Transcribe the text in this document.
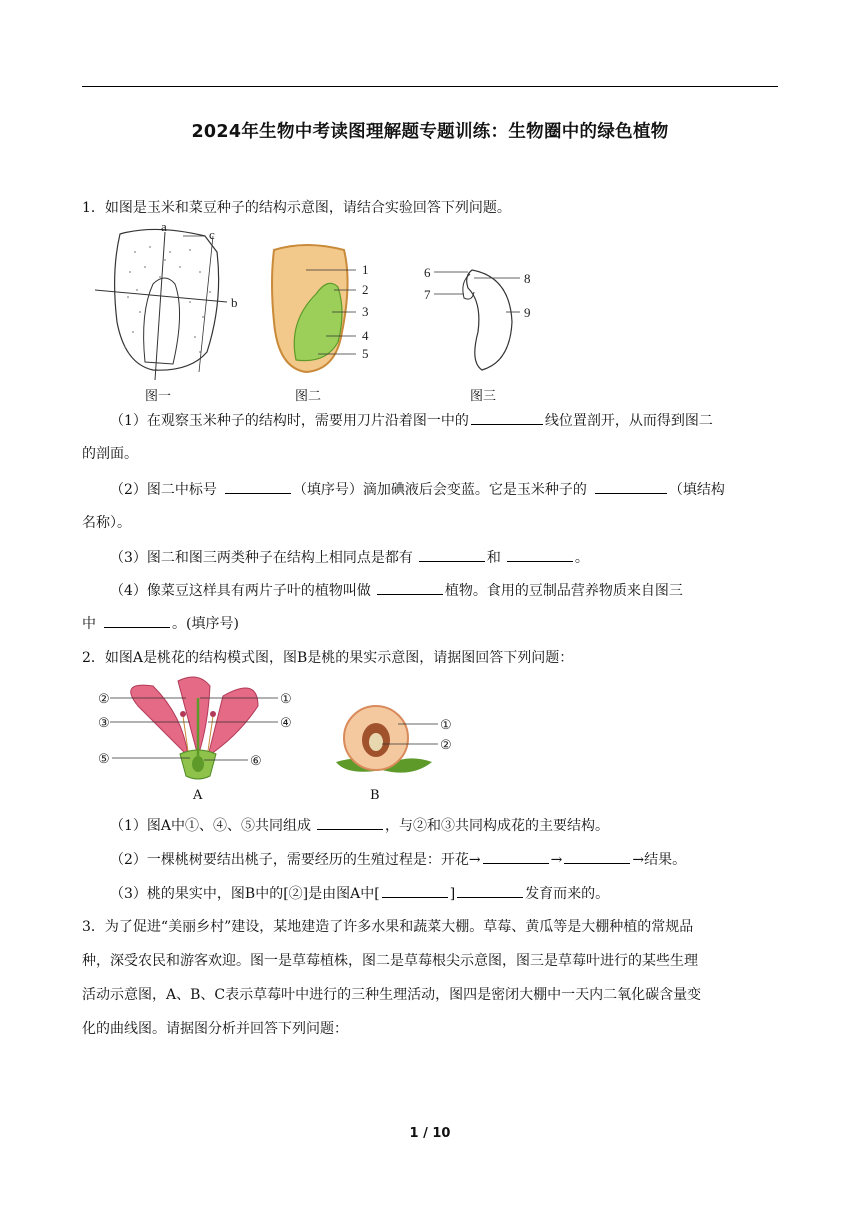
2024年生物中考读图理解题专题训练：生物圈中的绿色植物
1．如图是玉米和菜豆种子的结构示意图，请结合实验回答下列问题。
a
b
c
1
2
3
4
5
6
7
8
9
图一	图二	图三
（1）在观察玉米种子的结构时，需要用刀片沿着图一中的	线位置剖开，从而得到图二
的剖面。
（2）图二中标号	（填序号）滴加碘液后会变蓝。它是玉米种子的	（填结构
名称）。
（3）图二和图三两类种子在结构上相同点是都有	和	。
（4）像菜豆这样具有两片子叶的植物叫做	植物。食用的豆制品营养物质来自图三
中	。(填序号)
2．如图A是桃花的结构模式图，图B是桃的果实示意图，请据图回答下列问题：
②
③
⑤
①
④
⑥
①
②
A	B
（1）图A中①、④、⑤共同组成	，与②和③共同构成花的主要结构。
（2）一棵桃树要结出桃子，需要经历的生殖过程是：开花→	→	→结果。
（3）桃的果实中，图B中的[②]是由图A中[	]	发育而来的。
3．为了促进“美丽乡村”建设，某地建造了许多水果和蔬菜大棚。草莓、黄瓜等是大棚种植的常规品
种，深受农民和游客欢迎。图一是草莓植株，图二是草莓根尖示意图，图三是草莓叶进行的某些生理
活动示意图，A、B、C表示草莓叶中进行的三种生理活动，图四是密闭大棚中一天内二氧化碳含量变
化的曲线图。请据图分析并回答下列问题：
1 / 10
